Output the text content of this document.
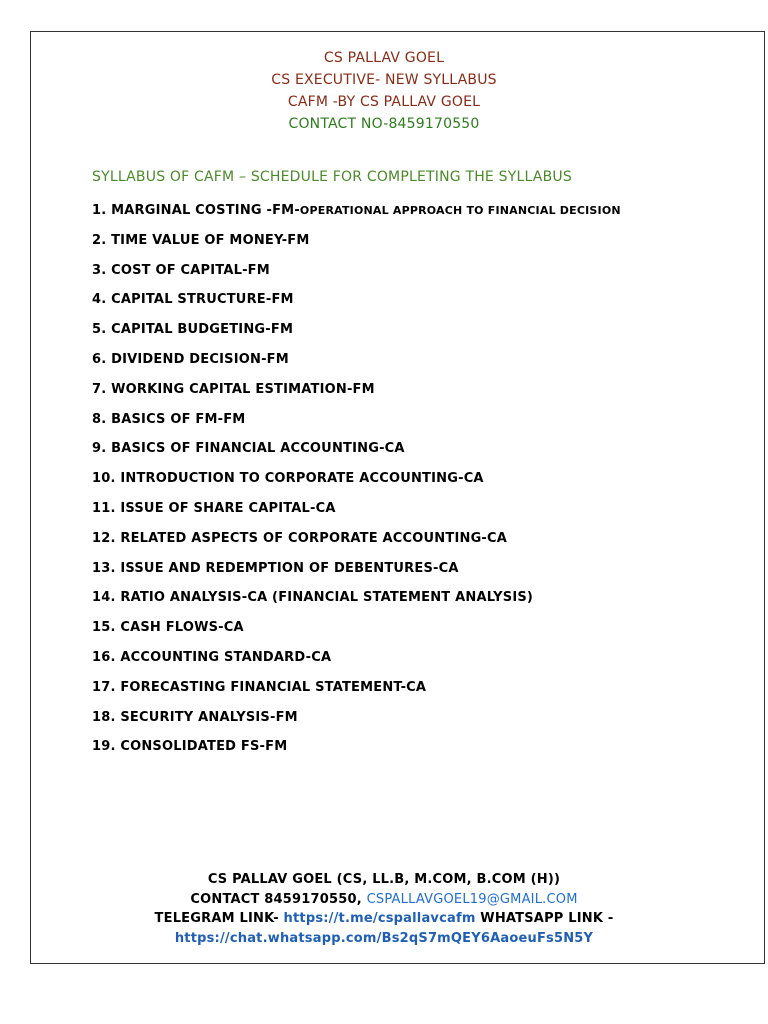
CS PALLAV GOEL
CS EXECUTIVE- NEW SYLLABUS
CAFM -BY CS PALLAV GOEL
CONTACT NO-8459170550
SYLLABUS OF CAFM – SCHEDULE FOR COMPLETING THE SYLLABUS
1. MARGINAL COSTING -FM-OPERATIONAL APPROACH TO FINANCIAL DECISION
2. TIME VALUE OF MONEY-FM
3. COST OF CAPITAL-FM
4. CAPITAL STRUCTURE-FM
5. CAPITAL BUDGETING-FM
6. DIVIDEND DECISION-FM
7. WORKING CAPITAL ESTIMATION-FM
8. BASICS OF FM-FM
9. BASICS OF FINANCIAL ACCOUNTING-CA
10. INTRODUCTION TO CORPORATE ACCOUNTING-CA
11. ISSUE OF SHARE CAPITAL-CA
12. RELATED ASPECTS OF CORPORATE ACCOUNTING-CA
13. ISSUE AND REDEMPTION OF DEBENTURES-CA
14. RATIO ANALYSIS-CA (FINANCIAL STATEMENT ANALYSIS)
15. CASH FLOWS-CA
16. ACCOUNTING STANDARD-CA
17. FORECASTING FINANCIAL STATEMENT-CA
18. SECURITY ANALYSIS-FM
19. CONSOLIDATED FS-FM
CS PALLAV GOEL (CS, LL.B, M.COM, B.COM (H))
CONTACT 8459170550, CSPALLAVGOEL19@GMAIL.COM
TELEGRAM LINK- https://t.me/cspallavcafm WHATSAPP LINK -
https://chat.whatsapp.com/Bs2qS7mQEY6AaoeuFs5N5Y
